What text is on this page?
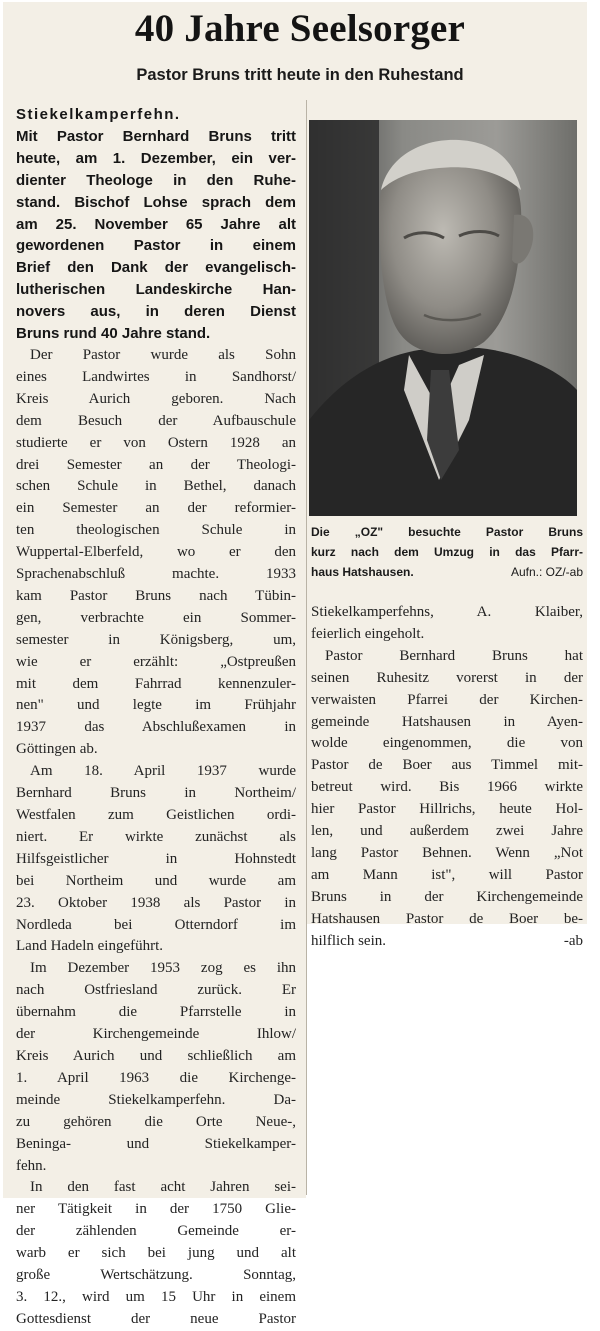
40 Jahre Seelsorger
Pastor Bruns tritt heute in den Ruhestand
Stiekelkamperfehn.
Mit Pastor Bernhard Bruns tritt
heute, am 1. Dezember, ein ver-
dienter Theologe in den Ruhe-
stand. Bischof Lohse sprach dem
am 25. November 65 Jahre alt
gewordenen Pastor in einem
Brief den Dank der evangelisch-
lutherischen Landeskirche Han-
novers aus, in deren Dienst
Bruns rund 40 Jahre stand.
Der Pastor wurde als Sohn
eines Landwirtes in Sandhorst/
Kreis Aurich geboren. Nach
dem Besuch der Aufbauschule
studierte er von Ostern 1928 an
drei Semester an der Theologi-
schen Schule in Bethel, danach
ein Semester an der reformier-
ten theologischen Schule in
Wuppertal-Elberfeld, wo er den
Sprachenabschluß machte. 1933
kam Pastor Bruns nach Tübin-
gen, verbrachte ein Sommer-
semester in Königsberg, um,
wie er erzählt: „Ostpreußen
mit dem Fahrrad kennenzuler-
nen" und legte im Frühjahr
1937 das Abschlußexamen in
Göttingen ab.
Am 18. April 1937 wurde
Bernhard Bruns in Northeim/
Westfalen zum Geistlichen ordi-
niert. Er wirkte zunächst als
Hilfsgeistlicher in Hohnstedt
bei Northeim und wurde am
23. Oktober 1938 als Pastor in
Nordleda bei Otterndorf im
Land Hadeln eingeführt.
Im Dezember 1953 zog es ihn
nach Ostfriesland zurück. Er
übernahm die Pfarrstelle in
der Kirchengemeinde Ihlow/
Kreis Aurich und schließlich am
1. April 1963 die Kirchenge-
meinde Stiekelkamperfehn. Da-
zu gehören die Orte Neue-,
Beninga- und Stiekelkamper-
fehn.
In den fast acht Jahren sei-
ner Tätigkeit in der 1750 Glie-
der zählenden Gemeinde er-
warb er sich bei jung und alt
große Wertschätzung. Sonntag,
3. 12., wird um 15 Uhr in einem
Gottesdienst der neue Pastor
Die „OZ" besuchte Pastor Bruns
kurz nach dem Umzug in das Pfarr-
haus Hatshausen.	Aufn.: OZ/-ab
Stiekelkamperfehns, A. Klaiber,
feierlich eingeholt.
Pastor Bernhard Bruns hat
seinen Ruhesitz vorerst in der
verwaisten Pfarrei der Kirchen-
gemeinde Hatshausen in Ayen-
wolde eingenommen, die von
Pastor de Boer aus Timmel mit-
betreut wird. Bis 1966 wirkte
hier Pastor Hillrichs, heute Hol-
len, und außerdem zwei Jahre
lang Pastor Behnen. Wenn „Not
am Mann ist", will Pastor
Bruns in der Kirchengemeinde
Hatshausen Pastor de Boer be-
hilflich sein.	-ab
